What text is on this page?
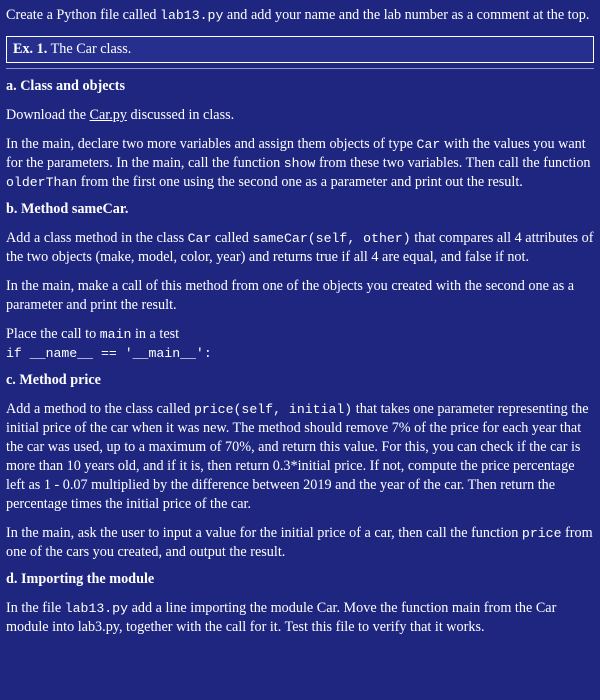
Create a Python file called lab13.py and add your name and the lab number as a comment at the top.

Ex. 1. The Car class.
a. Class and objects

Download the Car.py discussed in class.

In the main, declare two more variables and assign them objects of type Car with the values you want for the parameters. In the main, call the function show from these two variables. Then call the function olderThan from the first one using the second one as a parameter and print out the result.

b. Method sameCar.

Add a class method in the class Car called sameCar(self, other) that compares all 4 attributes of the two objects (make, model, color, year) and returns true if all 4 are equal, and false if not.

In the main, make a call of this method from one of the objects you created with the second one as a parameter and print the result.

Place the call to main in a test

if __name__ == '__main__':

c. Method price

Add a method to the class called price(self, initial) that takes one parameter representing the initial price of the car when it was new. The method should remove 7% of the price for each year that the car was used, up to a maximum of 70%, and return this value. For this, you can check if the car is more than 10 years old, and if it is, then return 0.3*initial price. If not, compute the price percentage left as 1 - 0.07 multiplied by the difference between 2019 and the year of the car. Then return the percentage times the initial price of the car.

In the main, ask the user to input a value for the initial price of a car, then call the function price from one of the cars you created, and output the result.

d. Importing the module

In the file lab13.py add a line importing the module Car. Move the function main from the Car module into lab3.py, together with the call for it. Test this file to verify that it works.
